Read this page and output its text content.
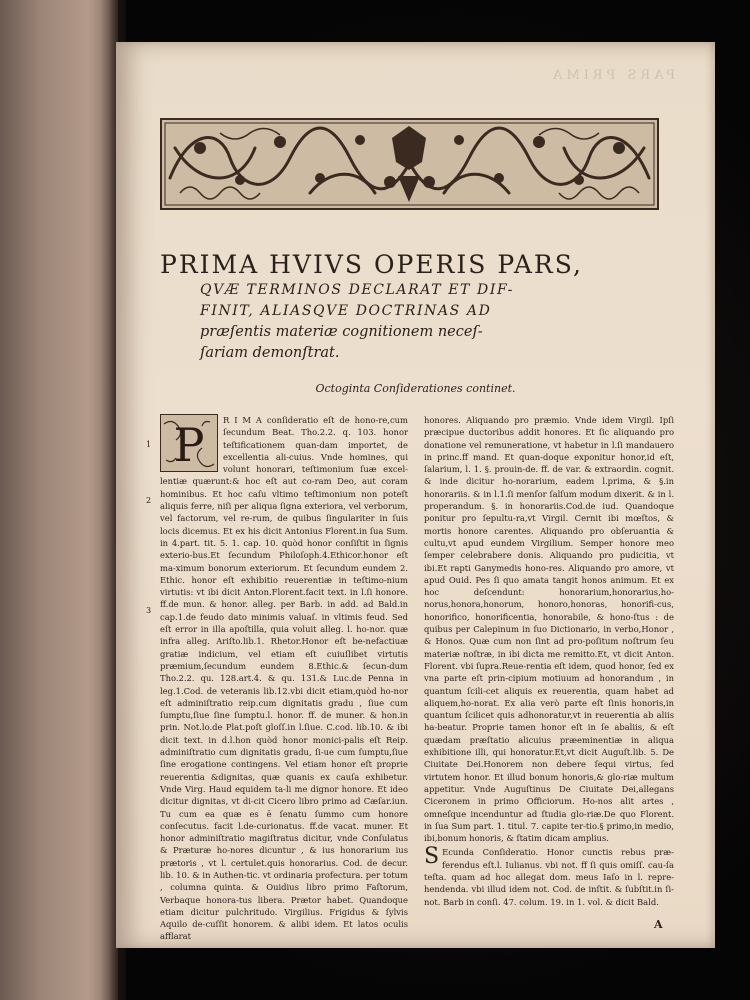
PARS PRIMA

PRIMA HVIVS OPERIS PARS,

QVÆ TERMINOS DECLARAT ET DIF-

FINIT, ALIASQVE DOCTRINAS AD

præſentis materiæ cognitionem neceſ-

ſariam demonſtrat.

Octoginta Conſiderationes continet.
1
2
3
P	R I M A conſideratio eſt de hono-re,cum ſecundum Beat. Tho.2.2. q. 103. honor teſtificationem quan-dam importet, de excellentia ali-cuius. Vnde homines, qui volunt honorari, teſtimonium ſuæ excel-lentiæ quærunt:& hoc eſt aut co-ram Deo, aut coram hominibus. Et hoc caſu vltimo teſtimonium non poteſt aliquis ferre, niſi per aliqua ſigna exteriora, vel verborum, vel factorum, vel re-rum, de quibus ſingulariter in ſuis locis dicemus. Et ex his dicit Antonius Florent.in ſua Sum. in 4.part. tit. 5. 1. cap. 10. quòd honor conſiſtit in ſignis exterio-bus.Et ſecundum Philoſoph.4.Ethicor.honor eſt ma-ximum bonorum exteriorum. Et ſecundum eundem 2. Ethic. honor eſt exhibitio reuerentiæ in teſtimo-nium virtutis: vt ibi dicit Anton.Florent.facit text. in l.ſi honore. ff.de mun. & honor. alleg. per Barb. in add. ad Bald.in cap.1.de feudo dato minimis valuaſ. in vltimis feud. Sed eſt error in illa apoſtilla, quia voluit alleg. l. ho-nor. quæ infra alleg. Ariſto.lib.1. Rhetor.Honor eſt be-nefactiuæ gratiæ indicium, vel etiam eſt cuiuſlibet virtutis præmium,ſecundum eundem 8.Ethic.& ſecun-dum Tho.2.2. qu. 128.art.4. & qu. 131.& Luc.de Penna in leg.1.Cod. de veteranis lib.12.vbi dicit etiam,quòd ho-nor eſt adminiſtratio reip.cum dignitatis gradu , ſiue cum ſumptu,ſiue ſine ſumptu.l. honor. ff. de muner. & hon.in prin. Not.lo.de Plat.poſt gloſſ.in l.ſiue. C.cod. lib.10. & ibi dicit text. in d.l.hon quòd honor monici-palis eſt Reip. adminiſtratio cum dignitatis gradu, ſi-ue cum ſumptu,ſiue ſine erogatione contingens. Vel etiam honor eſt proprie reuerentia &dignitas, quæ quanis ex cauſa exhibetur. Vnde Virg. Haud equidem ta-li me dignor honore. Et ideo dicitur dignitas, vt di-cit Cicero libro primo ad Cæſar.iun. Tu cum ea quæ es ē ſenatu ſummo cum honore conſecutus. facit l.de-curionatus. ff.de vacat. muner. Et honor adminiſtratio magiſtratus dicitur, vnde Conſulatus & Præturæ ho-nores dicuntur , & ius honorarium ius prætoris , vt l. certulet.quis honorarius. Cod. de decur. lib. 10. & in Authen-tic. vt ordinaria profectura. per totum , columna quinta. & Ouidius libro primo Faſtorum, Verbaque honora-tus libera. Prætor habet. Quandoque etiam dicitur pulchritudo. Virgilius. Frigidus & ſylvis Aquilo de-cuſſit honorem. & alibi idem. Et latos oculis afflarat

honores. Aliquando pro præmio. Vnde idem Virgil. Ipſi præcipue ductoribus addit honores. Et ſic aliquando pro donatione vel remuneratione, vt habetur in l.ſi mandauero in princ.ff mand. Et quan-doque exponitur honor,id eſt, ſalarium, l. 1. §. prouin-de. ff. de var. & extraordin. cognit. & inde dicitur ho-norarium, eadem l.prima, & §.in honorariis. & in l.1.ſi menſor ſalſum modum dixerit. & in l. properandum. §. in honorariis.Cod.de iud. Quandoque ponitur pro ſepultu-ra,vt Virgil. Cernit ibi mœſtos, & mortis honore carentes. Aliquando pro obſeruantia & cultu,vt apud eundem Virgilium. Semper honore meo ſemper celebrabere donis. Aliquando pro pudicitia, vt ibi.Et rapti Ganymedis hono-res. Aliquando pro amore, vt apud Ouid. Pes ſi quo amata tangit honos animum. Et ex hoc deſcendunt: honorarium,honorarius,ho-norus,honora,honorum, honoro,honoras, honorifi-cus, honorifico, honorificentia, honorabile, & hono-ſtus : de quibus per Calepinum in ſuo Dictionario, in verbo,Honor , & Honos. Quæ cum non ſint ad pro-poſitum noſtrum ſeu materiæ noſtræ, in ibi dicta me remitto.Et, vt dicit Anton. Florent. vbi ſupra.Reue-rentia eſt idem, quod honor, ſed ex vna parte eſt prin-cipium motiuum ad honorandum , in quantum ſcili-cet aliquis ex reuerentia, quam habet ad aliquem,ho-norat. Ex alia verò parte eſt ſinis honoris,in quantum ſcilicet quis adhonoratur,vt in reuerentia ab aliis ha-beatur. Proprie tamen honor eſt in ſe abaliis, & eſt quædam præſtatio alicuius præeminentiæ in aliqua exhibitione illi, qui honoratur.Et,vt dicit Auguſt.lib. 5. De Ciuitate Dei.Honorem non debere ſequi virtus, ſed virtutem honor. Et illud bonum honoris,& glo-riæ multum appetitur. Vnde Auguſtinus De Ciuitate Dei,allegans Ciceronem in primo Officiorum. Ho-nos alit artes , omneſque incenduntur ad ſtudia glo-riæ.De quo Florent. in ſua Sum part. 1. titul. 7. capite ter-tio.§ primo,in medio, ibi,bonum honoris, & ſtatim dicam amplius.

S Ecunda Conſideratio. Honor cunctis rebus præ-ferendus eſt.l. Iulianus. vbi not. ff ſi quis omiſſ. cau-ſa teſta. quam ad hoc allegat dom. meus Iaſo in l. repre-hendenda. vbi illud idem not. Cod. de inſtit. & ſubſtit.in ſi-not. Barb in conſi. 47. colum. 19. in 1. vol. & dicit Bald.

A
